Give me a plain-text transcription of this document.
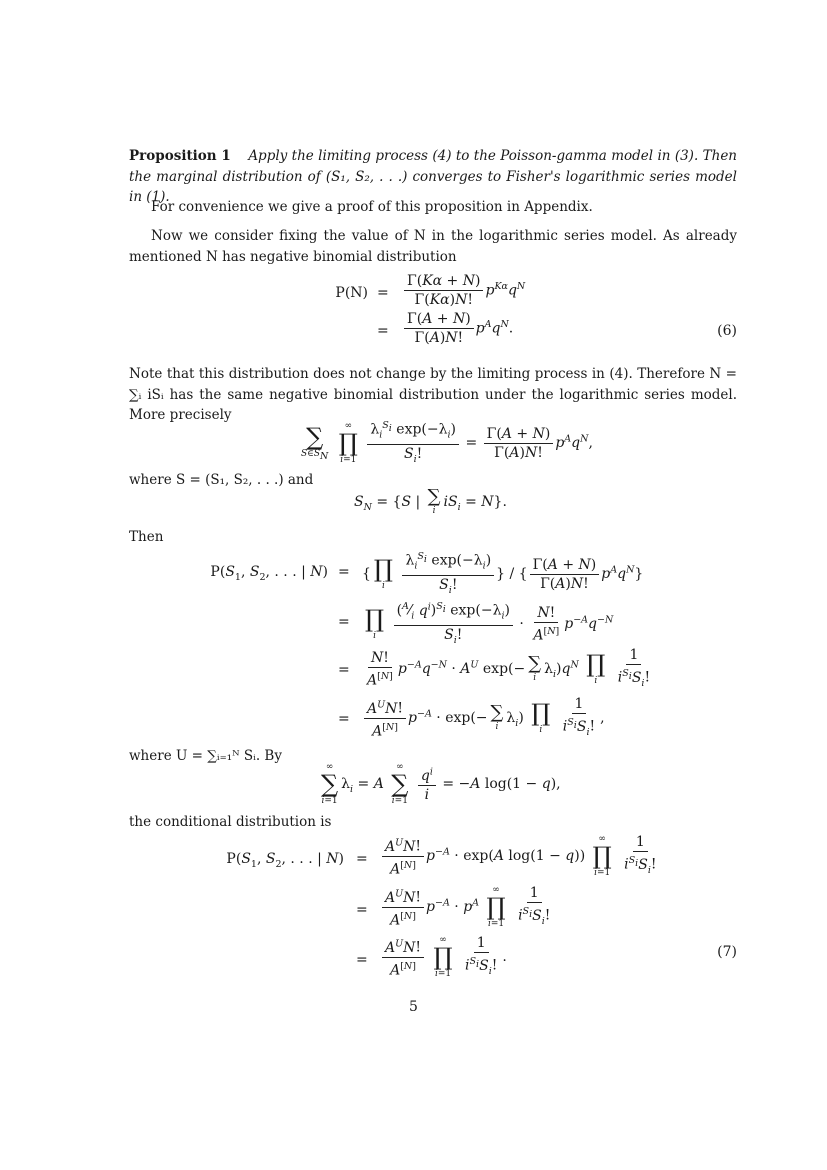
Proposition 1 Apply the limiting process (4) to the Poisson-gamma model in (3). Then the marginal distribution of (S₁, S₂, . . .) converges to Fisher's logarithmic series model in (1).
For convenience we give a proof of this proposition in Appendix.
Now we consider fixing the value of N in the logarithmic series model. As already mentioned N has negative binomial distribution
$P(N) = \frac{\Gamma(K\alpha + N)}{\Gamma(K\alpha)N!} p^{K\alpha}q^N$
= $\frac{\Gamma(A + N)}{\Gamma(A)N!} p^Aq^N$.	(6)
Note that this distribution does not change by the limiting process in (4). Therefore N = ∑ᵢ iSᵢ has the same negative binomial distribution under the logarithmic series model. More precisely
∑
$S\in S_N$

∞
∏
i=1
$\frac{\lambda_i^{S_i} \exp(-\lambda_i)}{S_i!} = \frac{\Gamma(A + N)}{\Gamma(A)N!} p^Aq^N$,
where S = (S₁, S₂, . . .) and
$S_N = \{S$ | ∑
i
$iS_i = N$}.
Then
$P(S_1$, $S_2$, . . . | N) = { ∏
i
$\frac{\lambda_i^{S_i} \exp(-\lambda_i)}{S_i!}$ } / { $\frac{\Gamma(A + N)}{\Gamma(A)N!} p^Aq^N$}
= ∏
i
$\frac{(^A⁄_i q^i)^{S_i} \exp(-\lambda_i)}{S_i!} \cdot \frac{N!}{A^{[N]}} p^{-A}q^{-N}$
= $\frac{N!}{A^{[N]}} p^{-A}q^{-N} \cdot A^U$ exp(− ∑
i
$\lambda_i)q^N$ ∏
i
$\frac{1}{i^{S_i}S_i!}$
= $\frac{A^UN!}{A^{[N]}} p^{-A} \cdot \exp(-$ ∑
i
$\lambda_i$) ∏
i
$\frac{1}{i^{S_i}S_i!}$ ,
where U = ∑ᵢ₌₁ᴺ Sᵢ. By
∞
∑
i=1
$\lambda_i = A$
∞
∑
i=1
$\frac{q^i}{i} = -A$ log(1 − q),
the conditional distribution is
$P(S_1$, $S_2$, . . . | $N) = \frac{A^UN!}{A^{[N]}} p^{-A} \cdot \exp(A$ log(1 − q))
∞
∏
i=1
$\frac{1}{i^{S_i}S_i!}$
= $\frac{A^UN!}{A^{[N]}} p^{-A} \cdot p^A$
∞
∏
i=1
$\frac{1}{i^{S_i}S_i!}$
= $\frac{A^UN!}{A^{[N]}}$
∞
∏
i=1
$\frac{1}{i^{S_i}S_i!}$ .	(7)
5
